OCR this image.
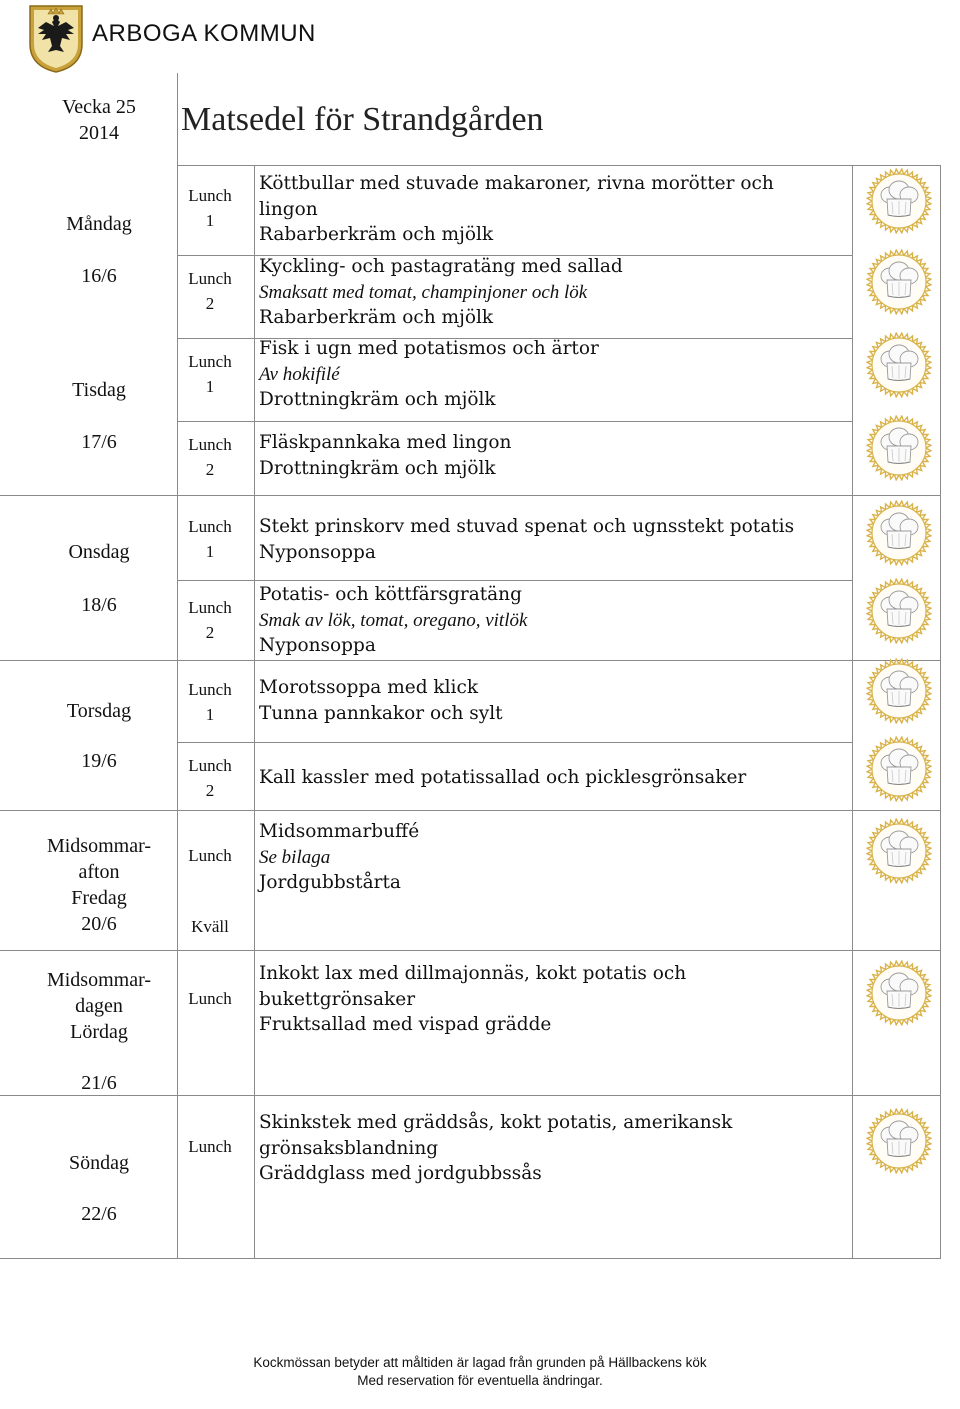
ARBOGA KOMMUN
Vecka 25
2014	Matsedel för Strandgården
Måndag
16/6
Tisdag
17/6
Onsdag
18/6
Torsdag
19/6
Midsommar-
afton
Fredag
20/6
Midsommar-
dagen
Lördag
21/6
Söndag
22/6
Lunch
1
Lunch
2
Lunch
1
Lunch
2
Lunch
1
Lunch
2
Lunch
1
Lunch
2
Lunch
Kväll
Lunch
Lunch
Köttbullar med stuvade makaroner, rivna morötter och
lingon
Rabarberkräm och mjölk
Kyckling- och pastagratäng med sallad
Smaksatt med tomat, champinjoner och lök
Rabarberkräm och mjölk
Fisk i ugn med potatismos och ärtor
Av hokifilé
Drottningkräm och mjölk
Fläskpannkaka med lingon
Drottningkräm och mjölk
Stekt prinskorv med stuvad spenat och ugnsstekt potatis
Nyponsoppa
Potatis- och köttfärsgratäng
Smak av lök, tomat, oregano, vitlök
Nyponsoppa
Morotssoppa med klick
Tunna pannkakor och sylt
Kall kassler med potatissallad och picklesgrönsaker
Midsommarbuffé
Se bilaga
Jordgubbstårta
Inkokt lax med dillmajonnäs, kokt potatis och
bukettgrönsaker
Fruktsallad med vispad grädde
Skinkstek med gräddsås, kokt potatis, amerikansk
grönsaksblandning
Gräddglass med jordgubbssås
Kockmössan betyder att måltiden är lagad från grunden på Hällbackens kök
Med reservation för eventuella ändringar.
